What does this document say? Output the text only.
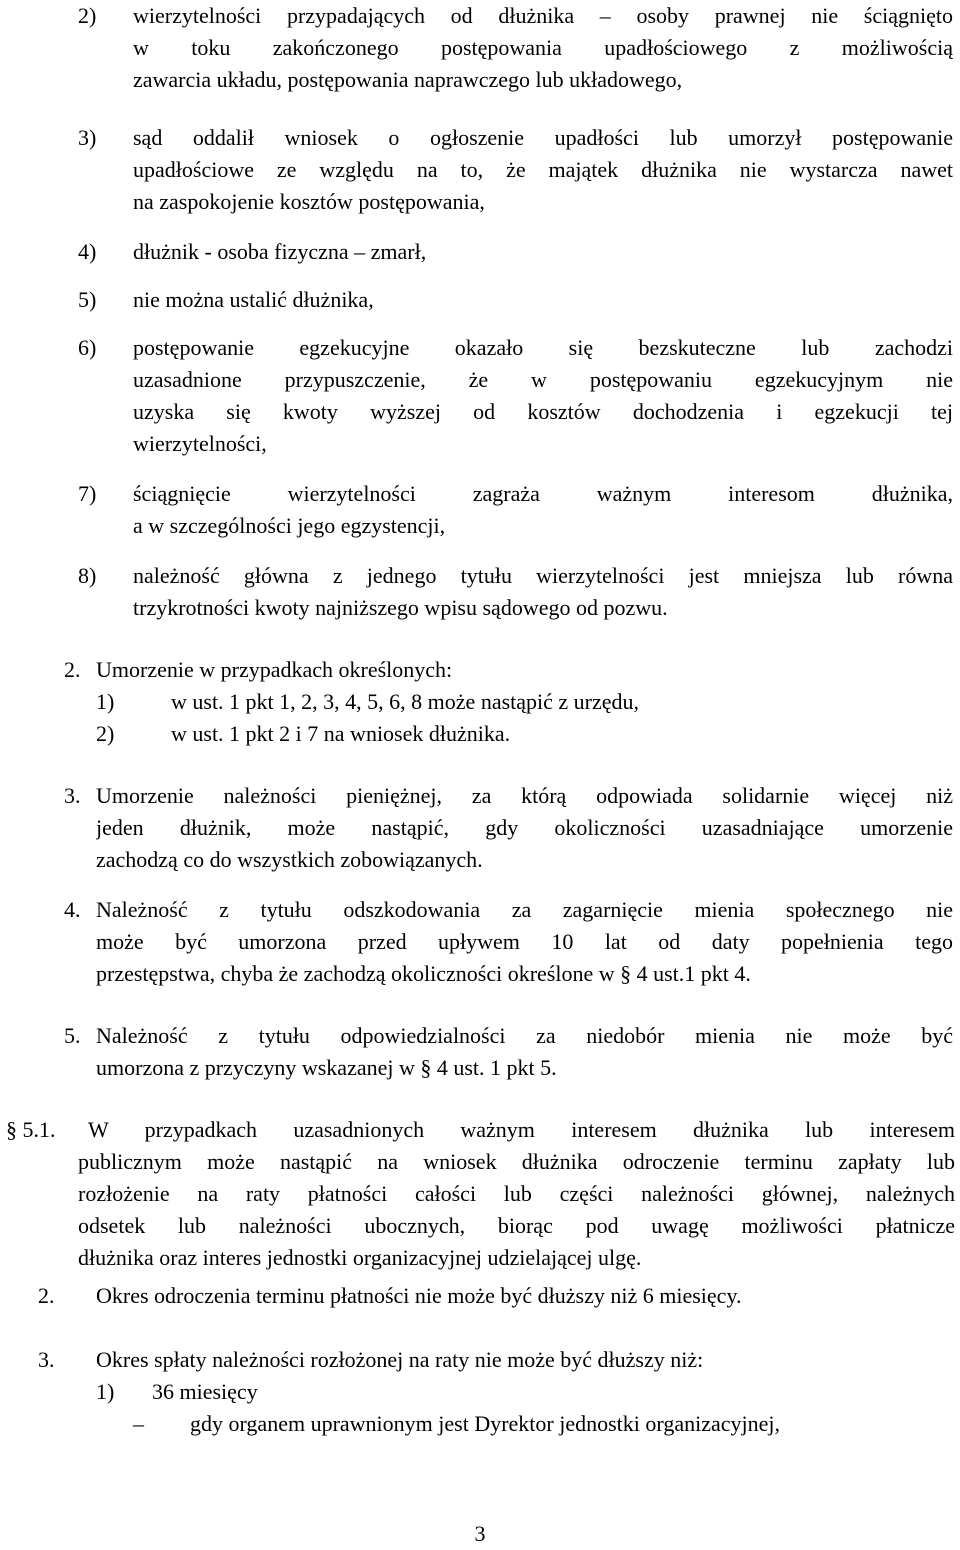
2) wierzytelności przypadających od dłużnika – osoby prawnej nie ściągnięto
w toku zakończonego postępowania upadłościowego z możliwością
zawarcia układu, postępowania naprawczego lub układowego,
3) sąd oddalił wniosek o ogłoszenie upadłości lub umorzył postępowanie
upadłościowe ze względu na to, że majątek dłużnika nie wystarcza nawet
na zaspokojenie kosztów postępowania,
4) dłużnik - osoba fizyczna – zmarł,
5) nie można ustalić dłużnika,
6) postępowanie egzekucyjne okazało się bezskuteczne lub zachodzi
uzasadnione przypuszczenie, że w postępowaniu egzekucyjnym nie
uzyska się kwoty wyższej od kosztów dochodzenia i egzekucji tej
wierzytelności,
7) ściągnięcie wierzytelności zagraża ważnym interesom dłużnika,
a w szczególności jego egzystencji,
8) należność główna z jednego tytułu wierzytelności jest mniejsza lub równa
trzykrotności kwoty najniższego wpisu sądowego od pozwu.
2. Umorzenie w przypadkach określonych:
1)	w ust. 1 pkt 1, 2, 3, 4, 5, 6, 8 może nastąpić z urzędu,
2)	w ust. 1 pkt 2 i 7 na wniosek dłużnika.
3. Umorzenie należności pieniężnej, za którą odpowiada solidarnie więcej niż
jeden dłużnik, może nastąpić, gdy okoliczności uzasadniające umorzenie
zachodzą co do wszystkich zobowiązanych.
4. Należność z tytułu odszkodowania za zagarnięcie mienia społecznego nie
może być umorzona przed upływem 10 lat od daty popełnienia tego
przestępstwa, chyba że zachodzą okoliczności określone w § 4 ust.1 pkt 4.
5. Należność z tytułu odpowiedzialności za niedobór mienia nie może być
umorzona z przyczyny wskazanej w § 4 ust. 1 pkt 5.
§ 5.1. W przypadkach uzasadnionych ważnym interesem dłużnika lub interesem
publicznym może nastąpić na wniosek dłużnika odroczenie terminu zapłaty lub
rozłożenie na raty płatności całości lub części należności głównej, należnych
odsetek lub należności ubocznych, biorąc pod uwagę możliwości płatnicze
dłużnika oraz interes jednostki organizacyjnej udzielającej ulgę.
2. Okres odroczenia terminu płatności nie może być dłuższy niż 6 miesięcy.
3. Okres spłaty należności rozłożonej na raty nie może być dłuższy niż:
1) 36 miesięcy
– gdy organem uprawnionym jest Dyrektor jednostki organizacyjnej,
3
